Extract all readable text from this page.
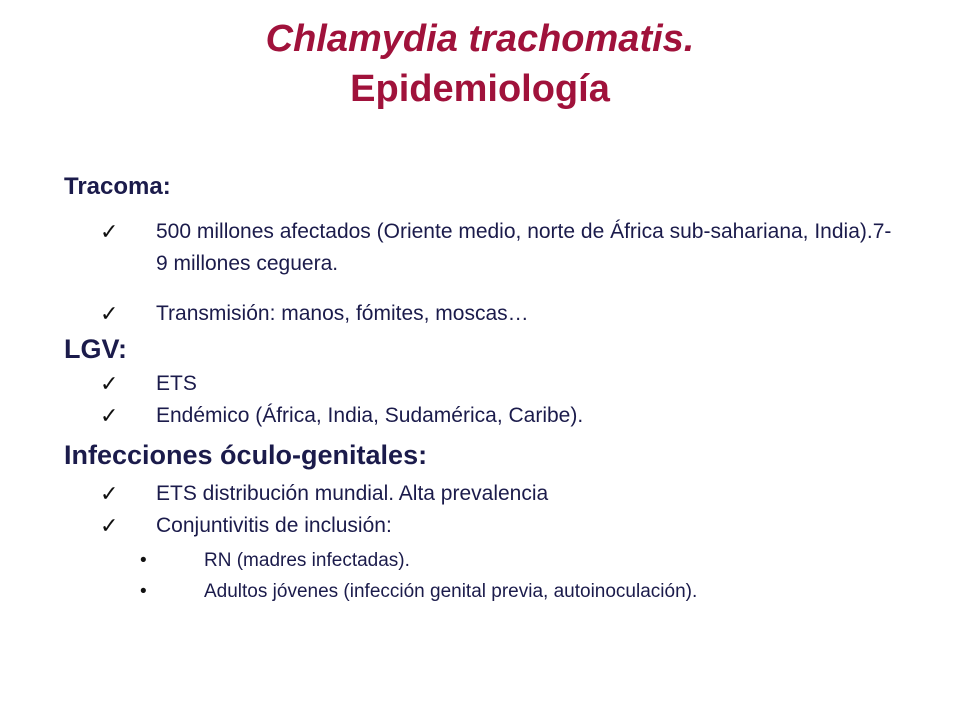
Chlamydia trachomatis.
Epidemiología
Tracoma:
✓	500 millones afectados (Oriente medio, norte de África sub-sahariana, India).7-9 millones ceguera.
✓	Transmisión: manos, fómites, moscas…
LGV:
✓	ETS
✓	Endémico (África, India, Sudamérica, Caribe).
Infecciones óculo-genitales:
✓	ETS distribución mundial. Alta prevalencia
✓	Conjuntivitis de inclusión:
•	RN (madres infectadas).
•	Adultos jóvenes (infección genital previa, autoinoculación).
